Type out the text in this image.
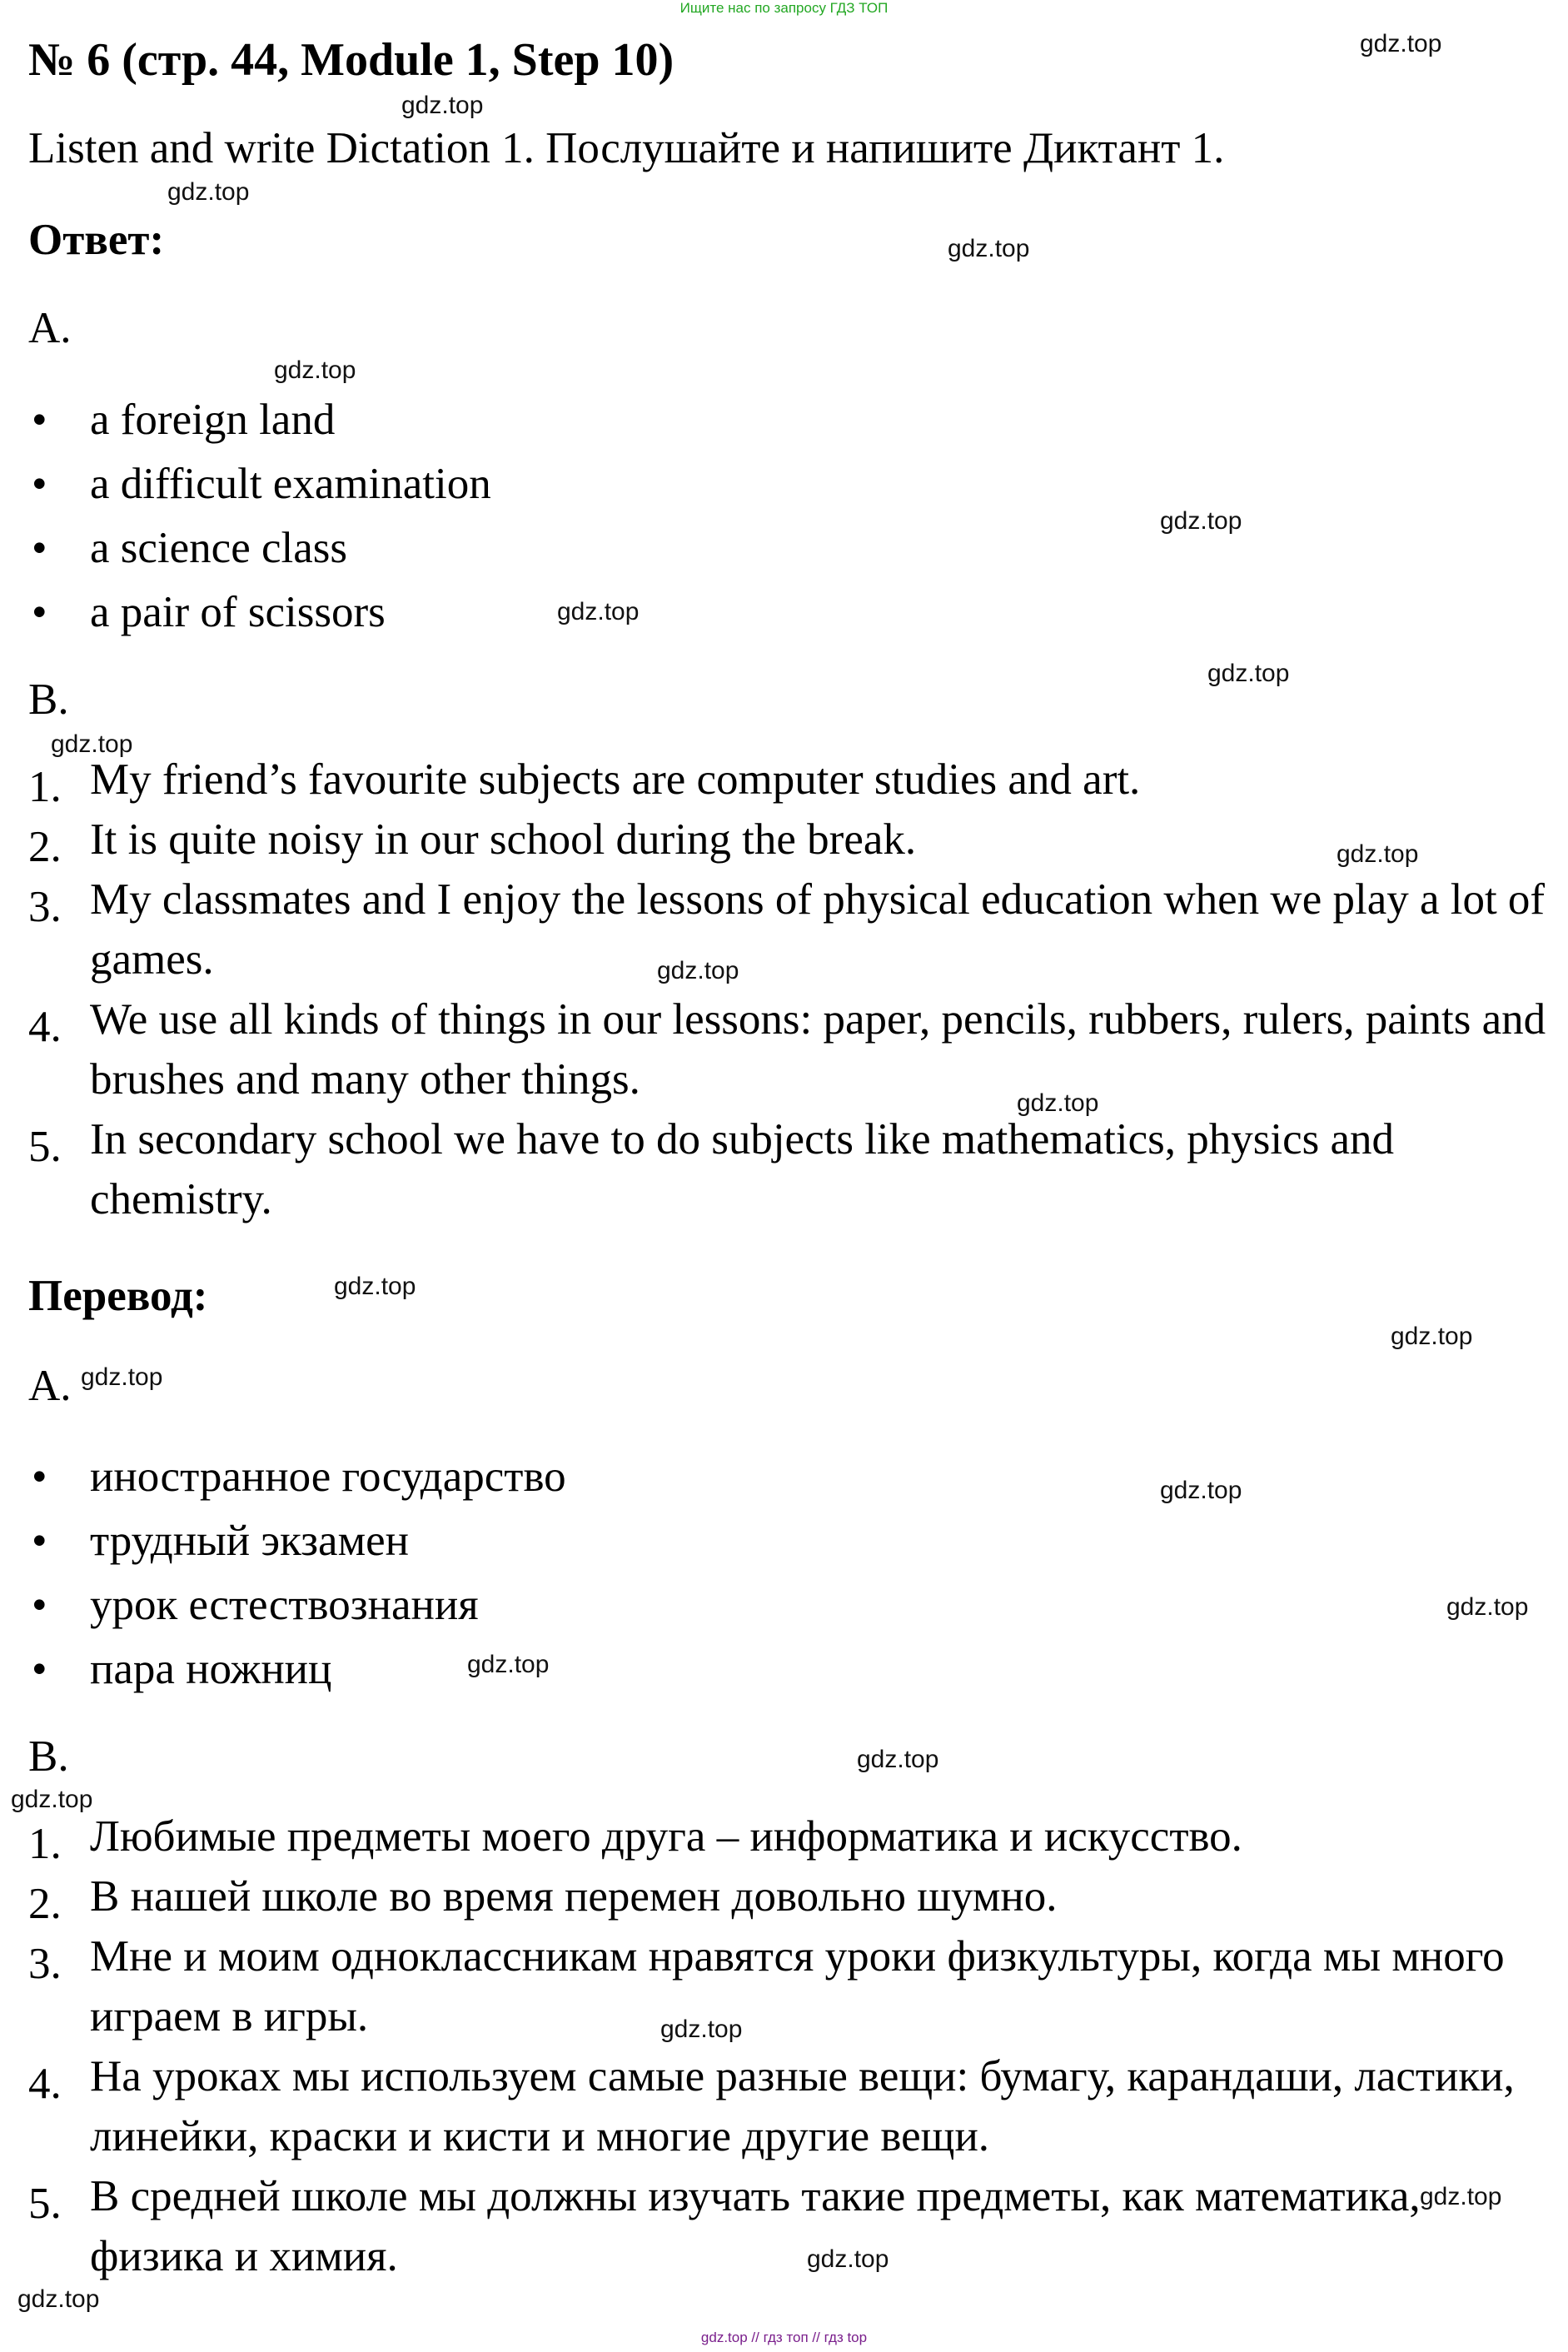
Ищите нас по запросу ГДЗ ТОП
№ 6 (стр. 44, Module 1, Step 10)
Listen and write Dictation 1. Послушайте и напишите Диктант 1.
Ответ:
A.
• a foreign land
• a difficult examination
• a science class
• a pair of scissors
B.
1. My friend’s favourite subjects are computer studies and art.
2. It is quite noisy in our school during the break.
3. My classmates and I enjoy the lessons of physical education when we play a lot of games.
4. We use all kinds of things in our lessons: paper, pencils, rubbers, rulers, paints and brushes and many other things.
5. In secondary school we have to do subjects like mathematics, physics and chemistry.
Перевод:
A.
• иностранное государство
• трудный экзамен
• урок естествознания
• пара ножниц
B.
1. Любимые предметы моего друга – информатика и искусство.
2. В нашей школе во время перемен довольно шумно.
3. Мне и моим одноклассникам нравятся уроки физкультуры, когда мы много играем в игры.
4. На уроках мы используем самые разные вещи: бумагу, карандаши, ластики, линейки, краски и кисти и многие другие вещи.
5. В средней школе мы должны изучать такие предметы, как математика, физика и химия.
gdz.top
gdz.top
gdz.top
gdz.top
gdz.top
gdz.top
gdz.top
gdz.top
gdz.top
gdz.top
gdz.top
gdz.top
gdz.top
gdz.top
gdz.top
gdz.top
gdz.top
gdz.top
gdz.top
gdz.top
gdz.top
gdz.top
gdz.top
gdz.top
gdz.top // гдз топ // гдз top
